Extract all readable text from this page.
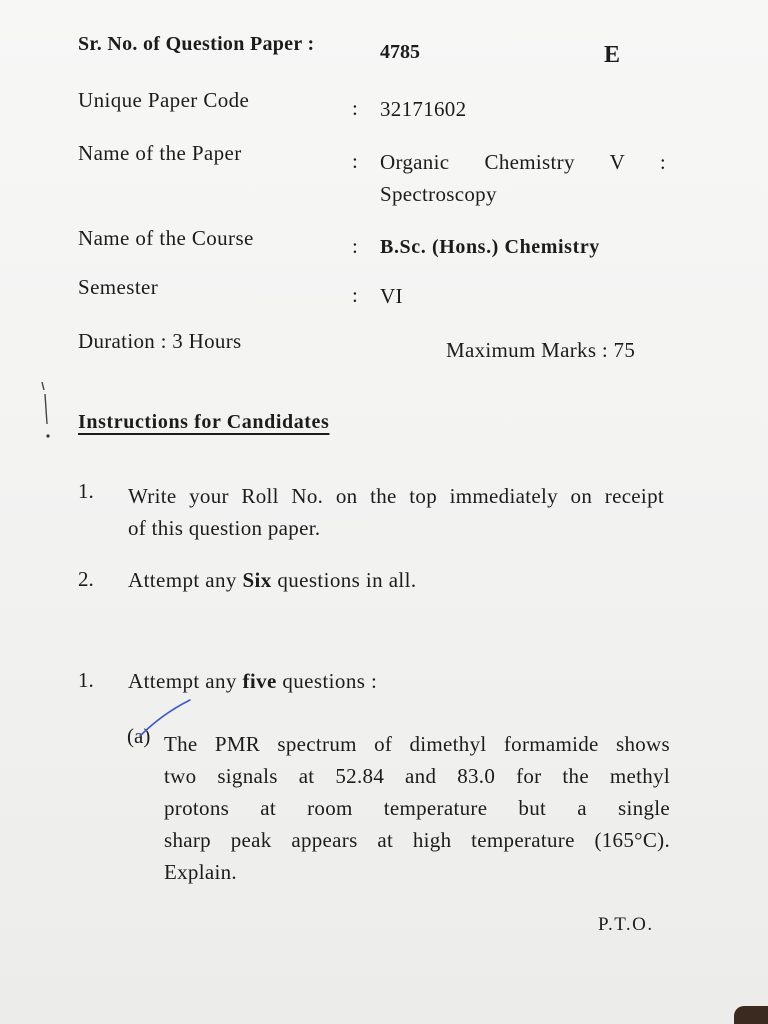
Sr. No. of Question Paper :	4785	E
Unique Paper Code	: 32171602
Name of the Paper	: Organic Chemistry V :
Spectroscopy
Name of the Course	: B.Sc. (Hons.) Chemistry
Semester	: VI
Duration : 3 Hours	Maximum Marks : 75
Instructions for Candidates
1. Write your Roll No. on the top immediately on receipt
of this question paper.
2. Attempt any Six questions in all.
1. Attempt any five questions :
(a) The PMR spectrum of dimethyl formamide shows
two signals at 52.84 and 83.0 for the methyl
protons at room temperature but a single
sharp peak appears at high temperature (165°C).
Explain.
P.T.O.
